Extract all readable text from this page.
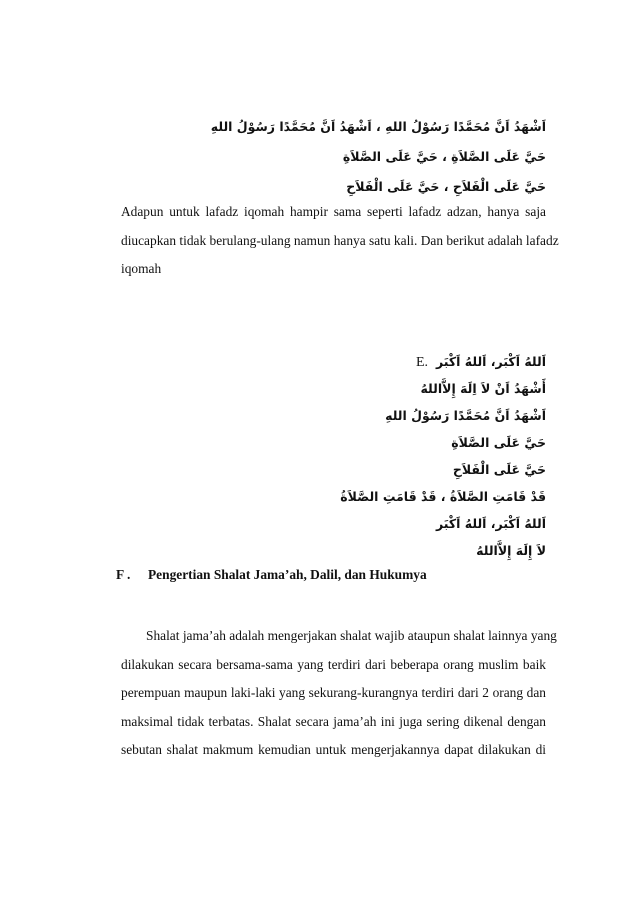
اَشْهَدُ اَنَّ مُحَمَّدًا رَسُوْلُ اللهِ ، اَشْهَدُ اَنَّ مُحَمَّدًا رَسُوْلُ اللهِ
حَيَّ عَلَى الصَّلاَةِ ، حَيَّ عَلَى الصَّلاَةِ
حَيَّ عَلَى الْفَلاَحِ ، حَيَّ عَلَى الْفَلاَحِ
Adapun untuk lafadz iqomah hampir sama seperti lafadz adzan, hanya saja
diucapkan tidak berulang-ulang namun hanya satu kali. Dan berikut adalah lafadz
iqomah
E. اَللهُ اَكْبَر، اَللهُ اَكْبَر
أَشْهَدُ اَنْ لاَ اِلَهَ إِلاَّاللهُ
اَشْهَدُ اَنَّ مُحَمَّدًا رَسُوْلُ اللهِ
حَيَّ عَلَى الصَّلاَةِ
حَيَّ عَلَى الْفَلاَحِ
قَدْ قَامَتِ الصَّلاَةُ ، قَدْ قَامَتِ الصَّلاَةُ
اَللهُ اَكْبَر، اَللهُ اَكْبَر
لاَ إِلَهَ إِلاَّاللهُ
F . Pengertian Shalat Jama’ah, Dalil, dan Hukumya
Shalat jama’ah adalah mengerjakan shalat wajib ataupun shalat lainnya yang
dilakukan secara bersama-sama yang terdiri dari beberapa orang muslim baik
perempuan maupun laki-laki yang sekurang-kurangnya terdiri dari 2 orang dan
maksimal tidak terbatas. Shalat secara jama’ah ini juga sering dikenal dengan
sebutan shalat makmum kemudian untuk mengerjakannya dapat dilakukan di
